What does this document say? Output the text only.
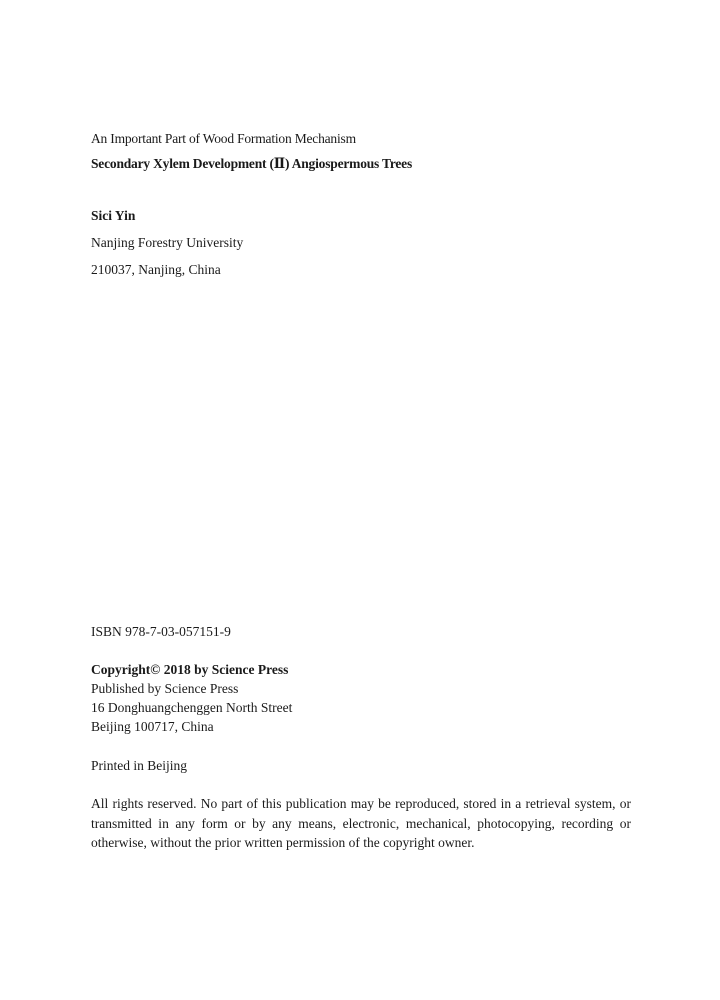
An Important Part of Wood Formation Mechanism
Secondary Xylem Development (Ⅱ) Angiospermous Trees
Sici Yin
Nanjing Forestry University
210037, Nanjing, China
ISBN 978-7-03-057151-9
Copyright© 2018 by Science Press
Published by Science Press
16 Donghuangchenggen North Street
Beijing 100717, China
Printed in Beijing
All rights reserved. No part of this publication may be reproduced, stored in a retrieval system, or transmitted in any form or by any means, electronic, mechanical, photocopying, recording or otherwise, without the prior written permission of the copyright owner.
